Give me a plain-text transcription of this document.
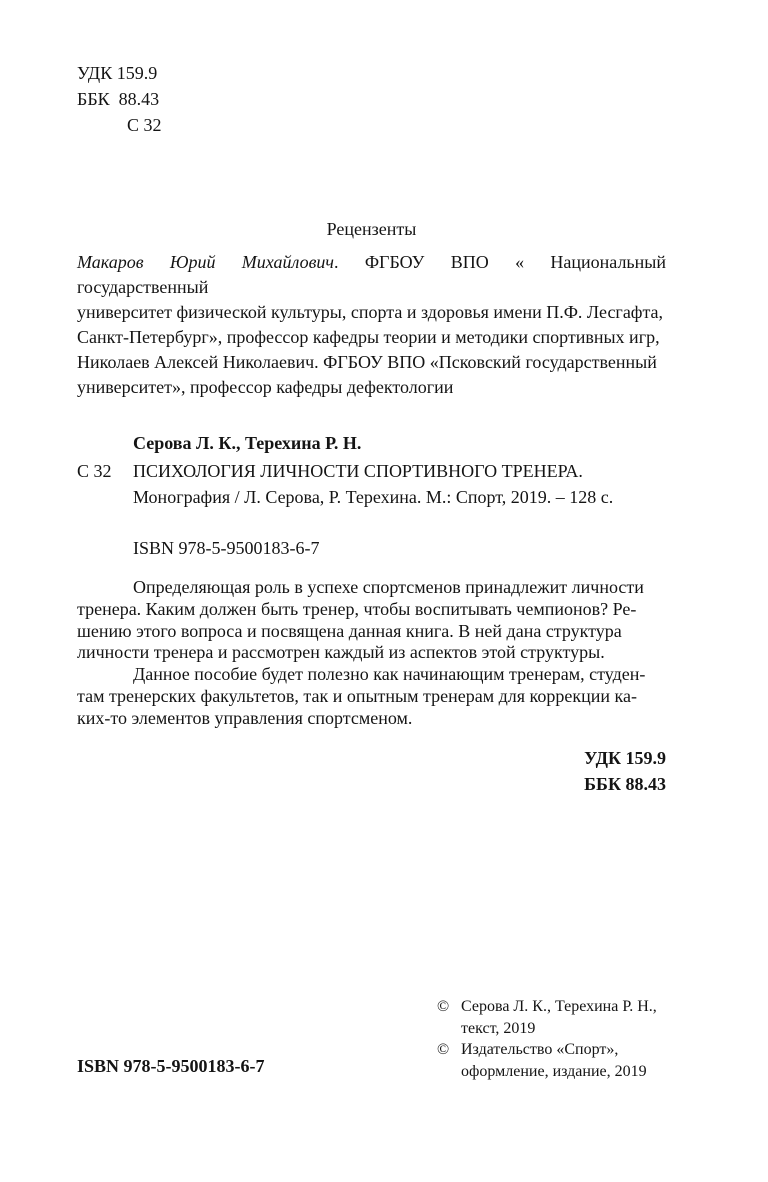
УДК 159.9
ББК  88.43
С 32
Рецензенты

Макаров Юрий Михайлович. ФГБОУ ВПО « Национальный государственный
университет физической культуры, спорта и здоровья имени П.Ф. Лесгафта,
Санкт-Петербург», профессор кафедры теории и методики спортивных игр,

Николаев Алексей Николаевич. ФГБОУ ВПО «Псковский государственный
университет», профессор кафедры дефектологии

Серова Л. К., Терехина Р. Н.
С 32 ПСИХОЛОГИЯ ЛИЧНОСТИ СПОРТИВНОГО ТРЕНЕРА.
Монография / Л. Серова, Р. Терехина. М.: Спорт, 2019. – 128 с.
ISBN 978-5-9500183-6-7

Определяющая роль в успехе спортсменов принадлежит личности
тренера. Каким должен быть тренер, чтобы воспитывать чемпионов? Ре-
шению этого вопроса и посвящена данная книга. В ней дана структура
личности тренера и рассмотрен каждый из аспектов этой структуры.

Данное пособие будет полезно как начинающим тренерам, студен-
там тренерских факультетов, так и опытным тренерам для коррекции ка-
ких-то элементов управления спортсменом.

УДК 159.9
ББК 88.43
© Серова Л. К., Терехина Р. Н.,
текст, 2019
© Издательство «Спорт»,
оформление, издание, 2019
ISBN 978-5-9500183-6-7
